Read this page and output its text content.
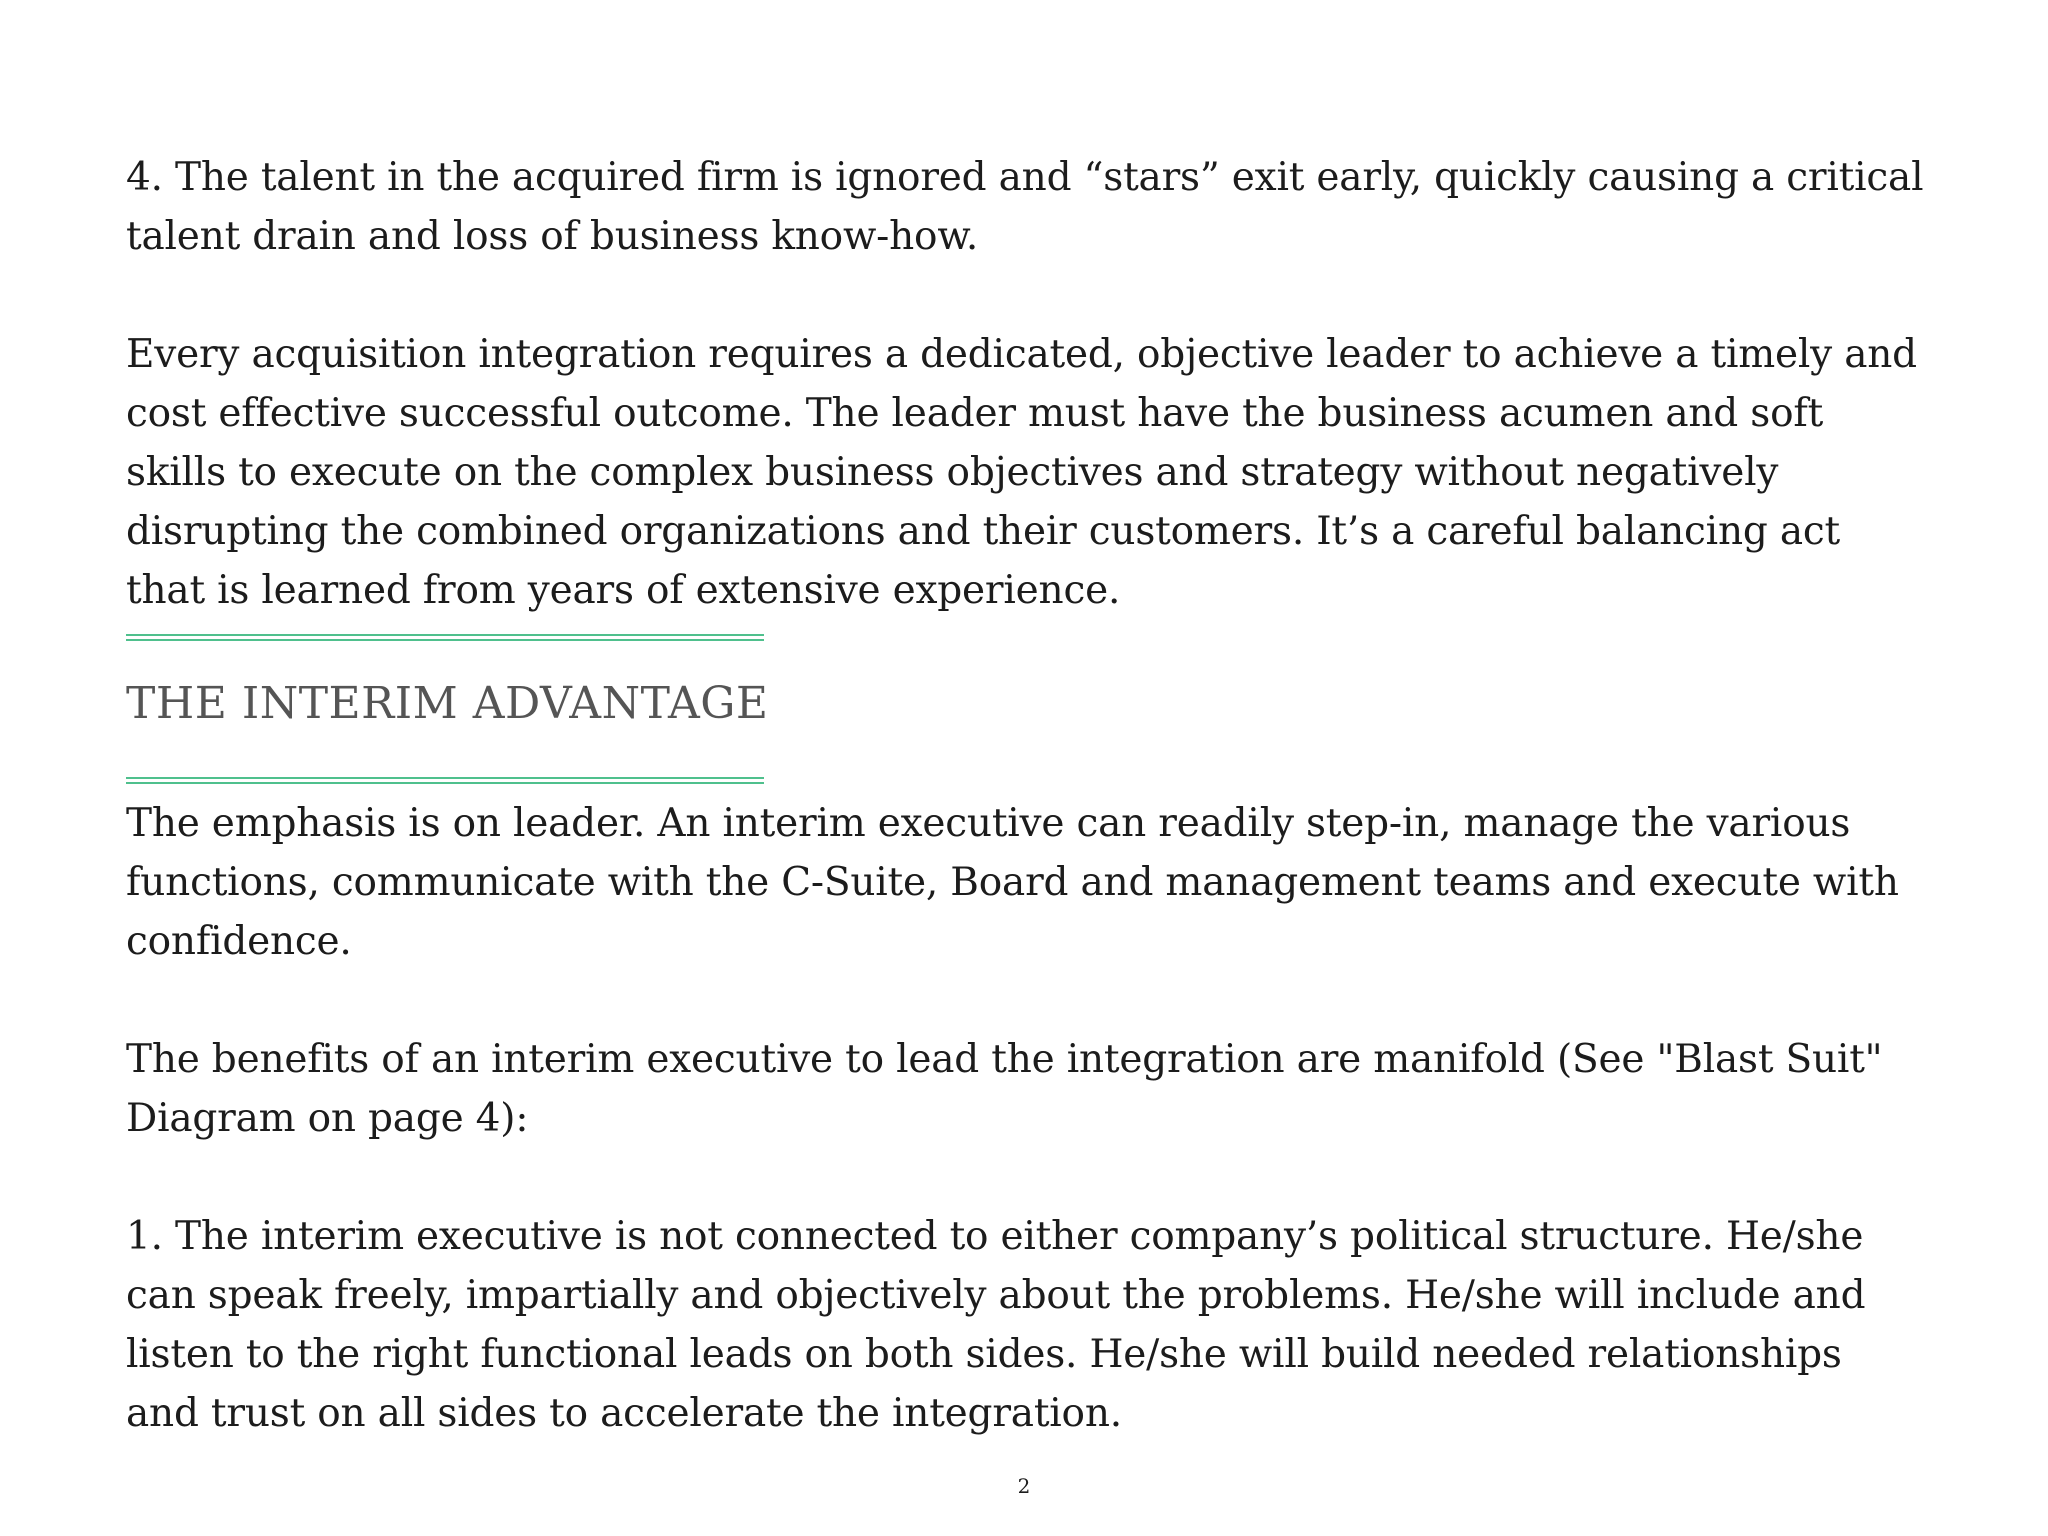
4. The talent in the acquired firm is ignored and “stars” exit early, quickly causing a critical talent drain and loss of business know-how.

Every acquisition integration requires a dedicated, objective leader to achieve a timely and cost effective successful outcome. The leader must have the business acumen and soft skills to execute on the complex business objectives and strategy without negatively disrupting the combined organizations and their customers. It’s a careful balancing act that is learned from years of extensive experience.

THE INTERIM ADVANTAGE

The emphasis is on leader. An interim executive can readily step-in, manage the various functions, communicate with the C-Suite, Board and management teams and execute with confidence.

The benefits of an interim executive to lead the integration are manifold (See "Blast Suit" Diagram on page 4):

1. The interim executive is not connected to either company’s political structure. He/she can speak freely, impartially and objectively about the problems. He/she will include and listen to the right functional leads on both sides. He/she will build needed relationships and trust on all sides to accelerate the integration.

2
